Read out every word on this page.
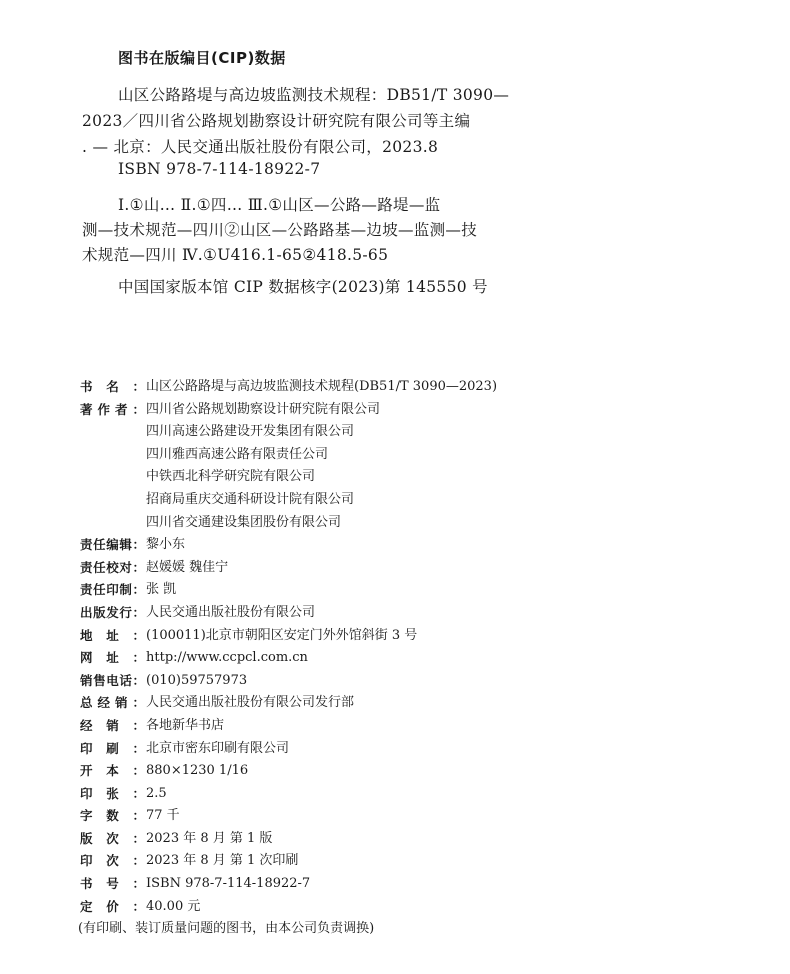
图书在版编目(CIP)数据
山区公路路堤与高边坡监测技术规程：DB51/T 3090—
2023／四川省公路规划勘察设计研究院有限公司等主编
. — 北京：人民交通出版社股份有限公司，2023.8
ISBN 978-7-114-18922-7
Ⅰ.①山… Ⅱ.①四… Ⅲ.①山区—公路—路堤—监
测—技术规范—四川②山区—公路路基—边坡—监测—技
术规范—四川 Ⅳ.①U416.1-65②418.5-65
中国国家版本馆 CIP 数据核字(2023)第 145550 号
书 名 ： 山区公路路堤与高边坡监测技术规程(DB51/T 3090—2023)
著 作 者 ： 四川省公路规划勘察设计研究院有限公司
四川高速公路建设开发集团有限公司
四川雅西高速公路有限责任公司
中铁西北科学研究院有限公司
招商局重庆交通科研设计院有限公司
四川省交通建设集团股份有限公司
责 任 编 辑 ： 黎小东
责 任 校 对 ： 赵媛媛 魏佳宁
责 任 印 制 ： 张 凯
出 版 发 行 ： 人民交通出版社股份有限公司
地 址 ： (100011)北京市朝阳区安定门外外馆斜街 3 号
网 址 ： http://www.ccpcl.com.cn
销 售 电 话 ： (010)59757973
总 经 销 ： 人民交通出版社股份有限公司发行部
经 销 ： 各地新华书店
印 刷 ： 北京市密东印刷有限公司
开 本 ： 880×1230 1/16
印 张 ： 2.5
字 数 ： 77 千
版 次 ： 2023 年 8 月 第 1 版
印 次 ： 2023 年 8 月 第 1 次印刷
书 号 ： ISBN 978-7-114-18922-7
定 价 ： 40.00 元
(有印刷、装订质量问题的图书，由本公司负责调换)
